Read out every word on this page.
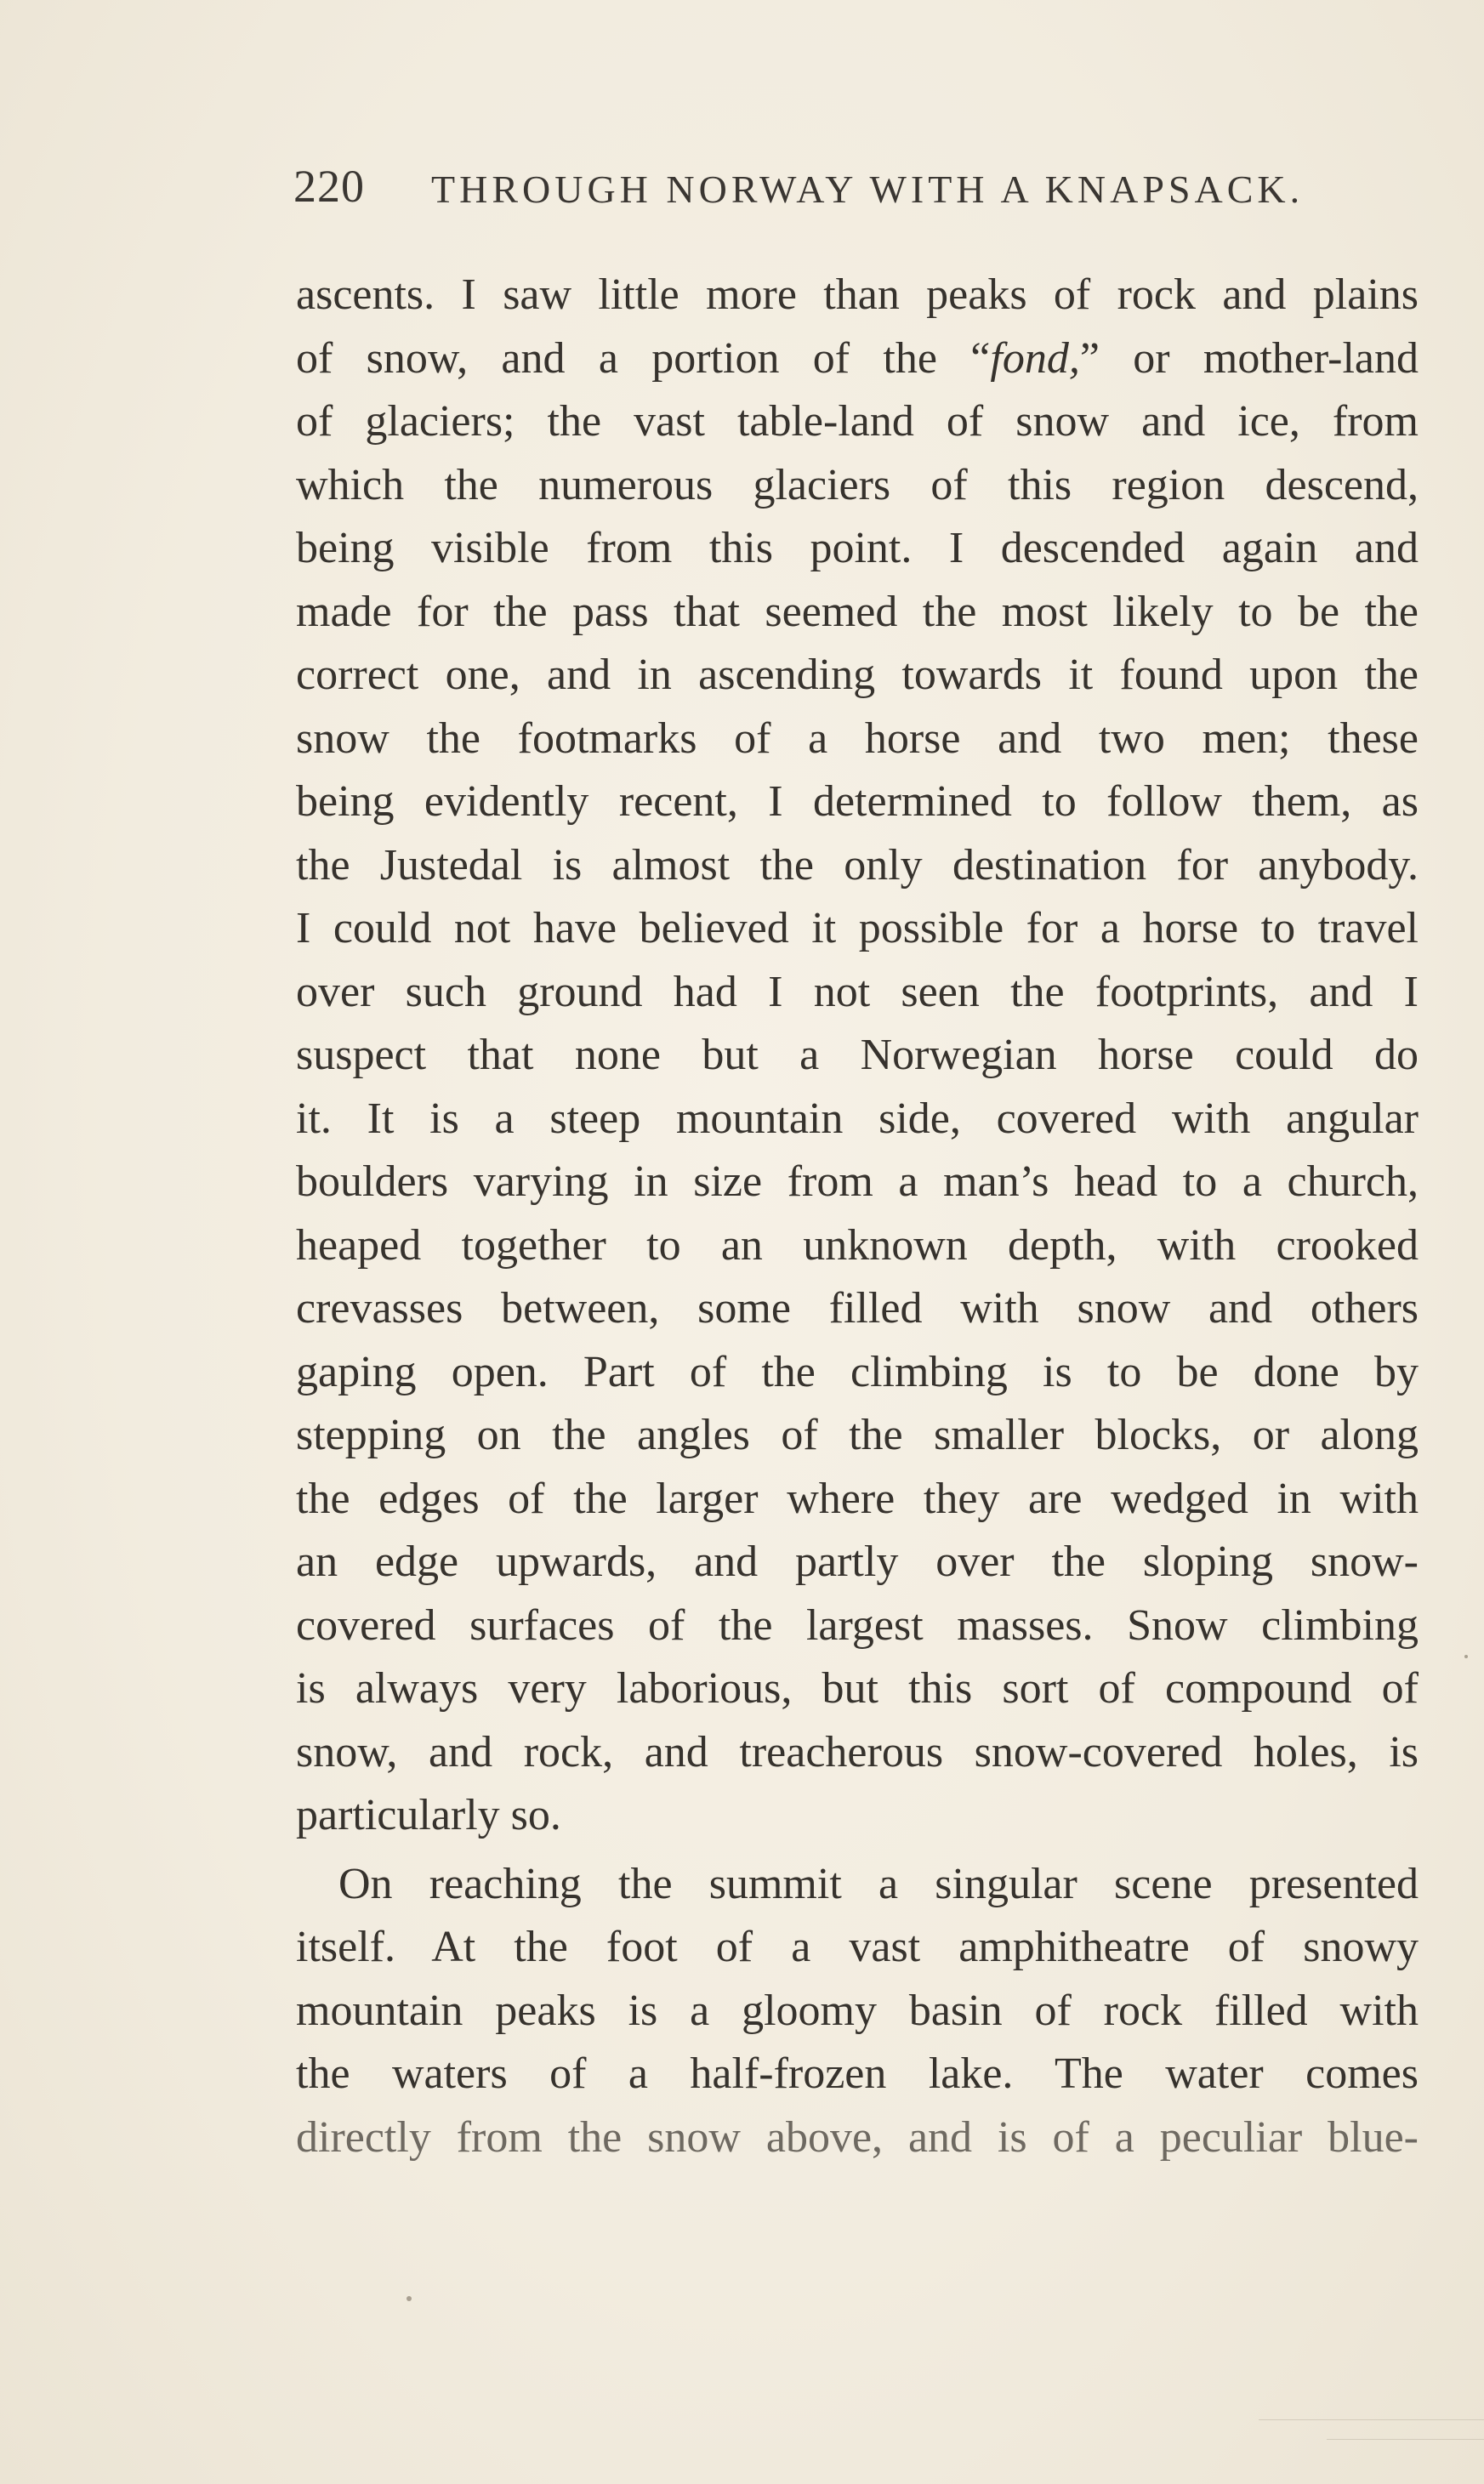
220 THROUGH NORWAY WITH A KNAPSACK.
ascents. I saw little more than peaks of rock and plains
of snow, and a portion of the “fond,” or mother-land
of glaciers; the vast table-land of snow and ice, from
which the numerous glaciers of this region descend,
being visible from this point. I descended again and
made for the pass that seemed the most likely to be the
correct one, and in ascending towards it found upon the
snow the footmarks of a horse and two men; these
being evidently recent, I determined to follow them, as
the Justedal is almost the only destination for anybody.
I could not have believed it possible for a horse to travel
over such ground had I not seen the footprints, and I
suspect that none but a Norwegian horse could do
it. It is a steep mountain side, covered with angular
boulders varying in size from a man’s head to a church,
heaped together to an unknown depth, with crooked
crevasses between, some filled with snow and others
gaping open. Part of the climbing is to be done by
stepping on the angles of the smaller blocks, or along
the edges of the larger where they are wedged in with
an edge upwards, and partly over the sloping snow-
covered surfaces of the largest masses. Snow climbing
is always very laborious, but this sort of compound of
snow, and rock, and treacherous snow-covered holes, is
particularly so.
On reaching the summit a singular scene presented
itself. At the foot of a vast amphitheatre of snowy
mountain peaks is a gloomy basin of rock filled with
the waters of a half-frozen lake. The water comes
directly from the snow above, and is of a peculiar blue-
